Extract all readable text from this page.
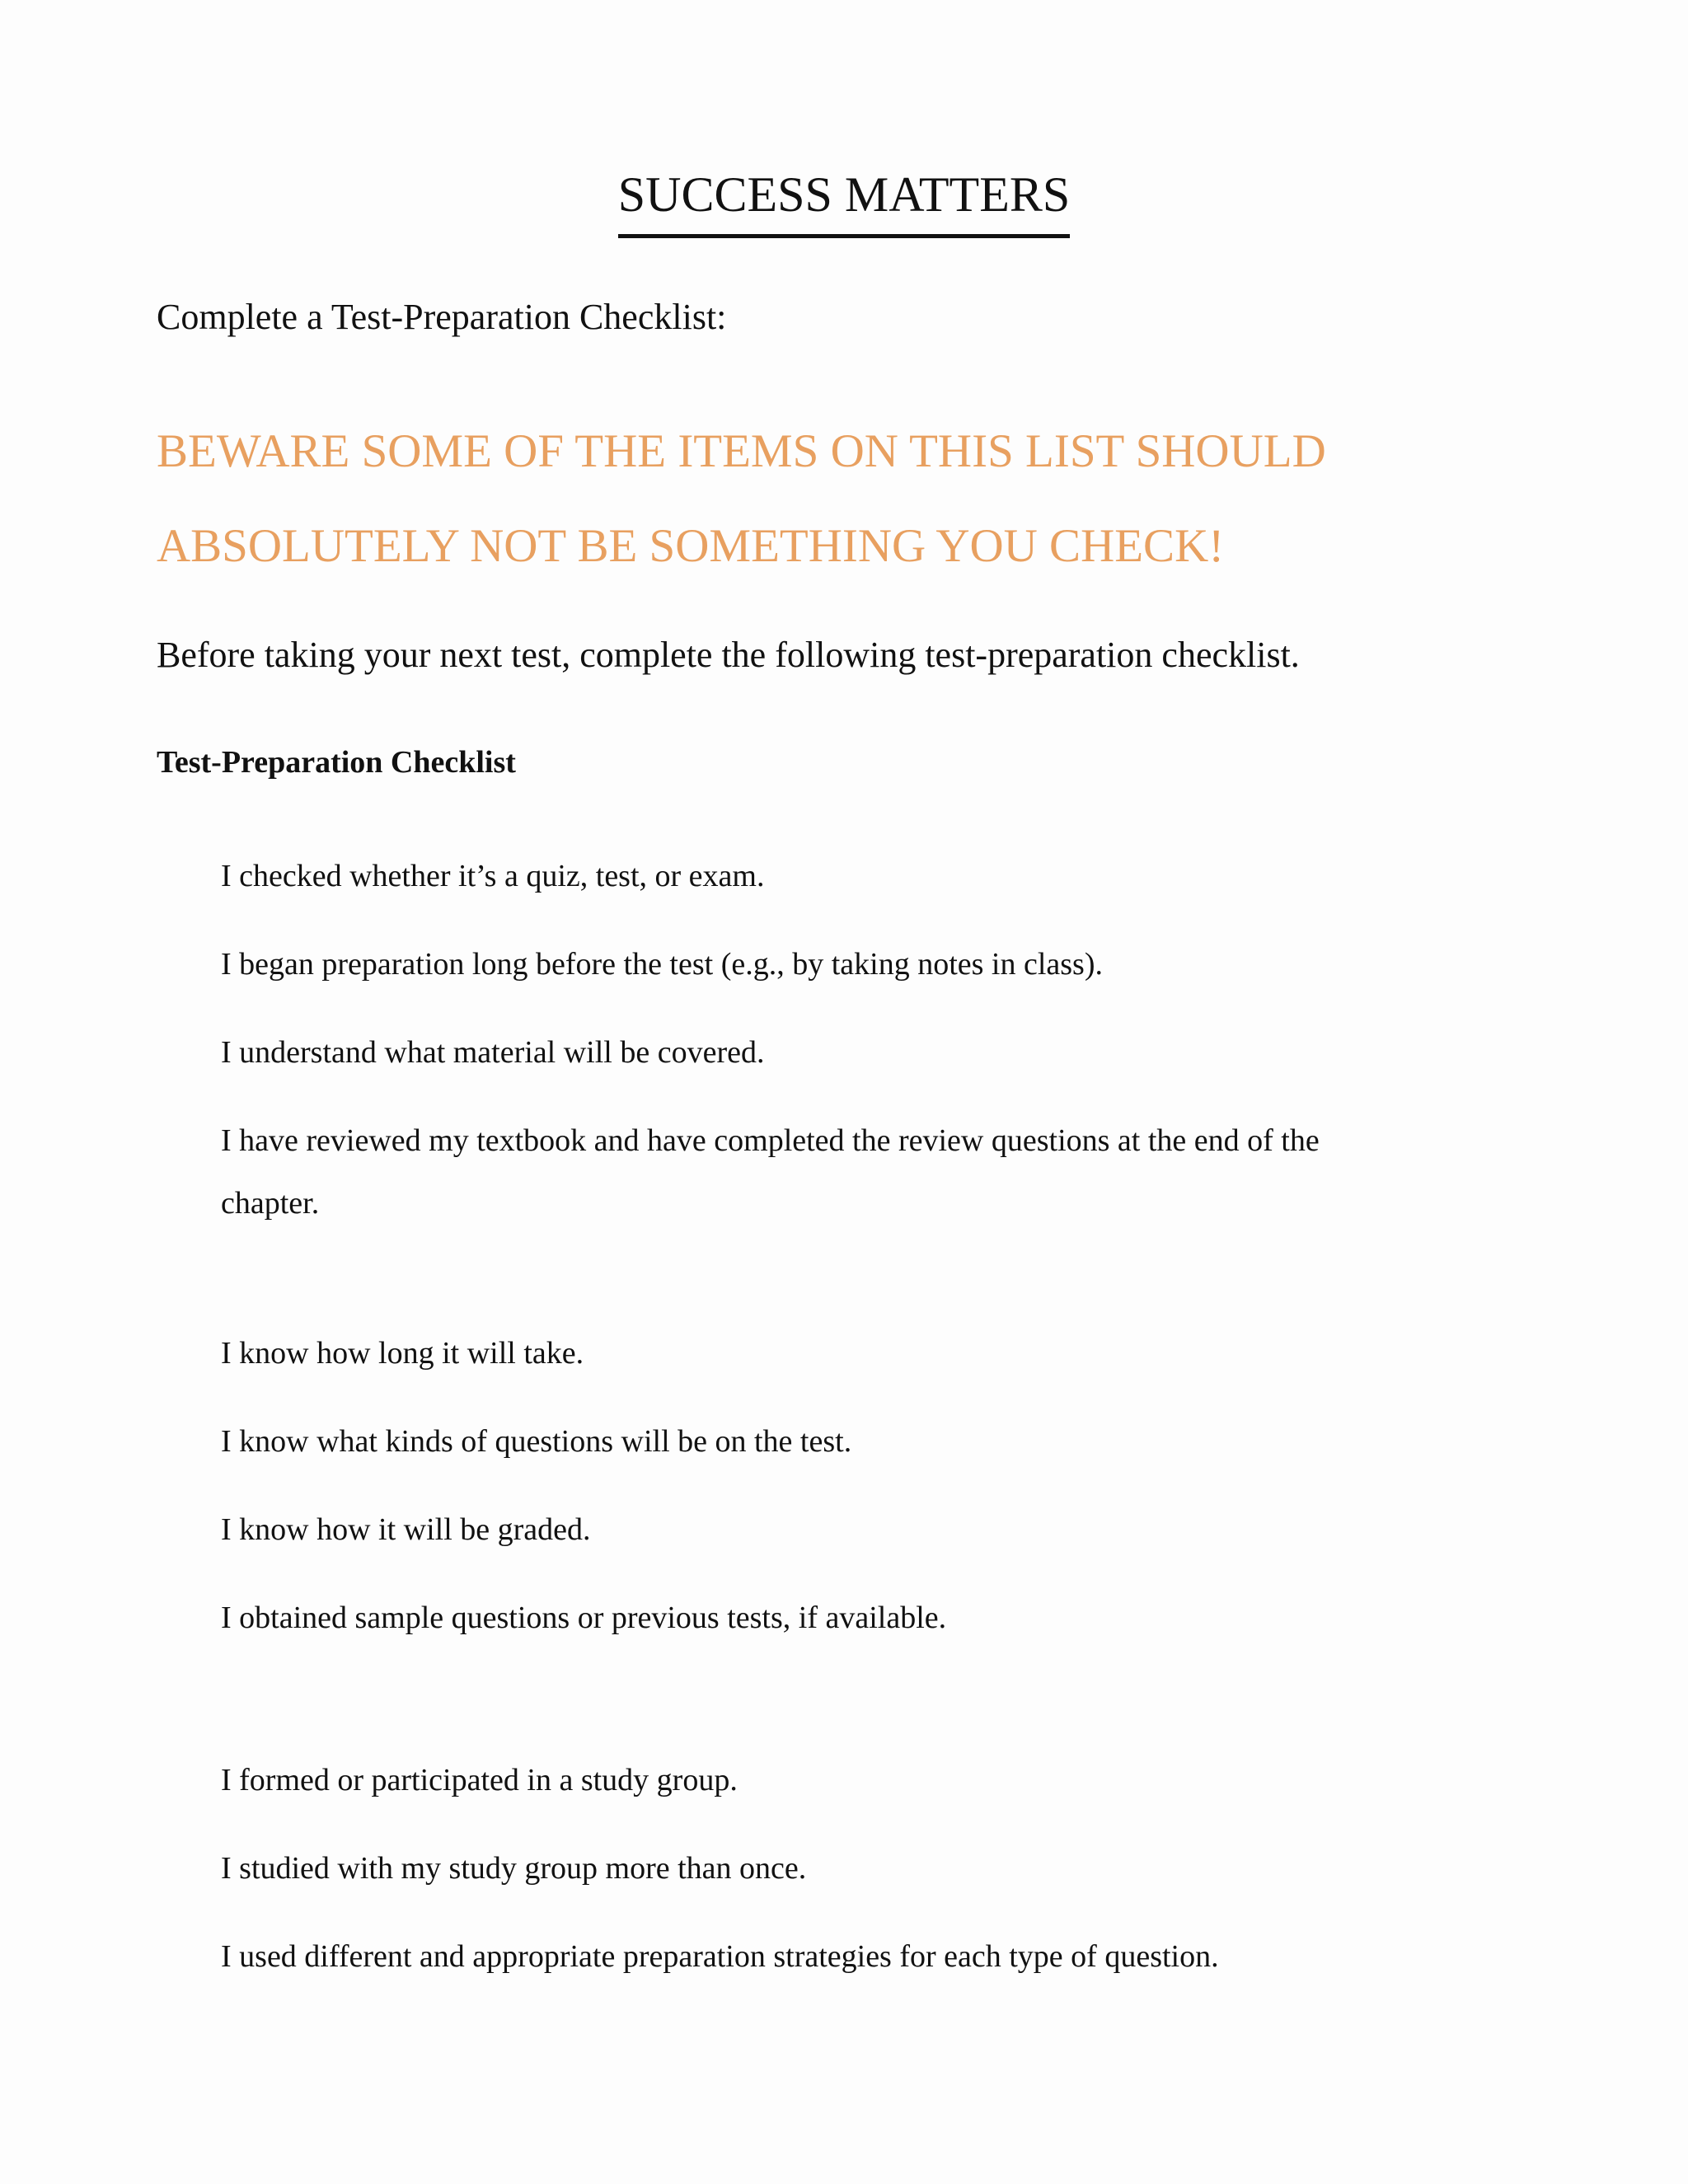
SUCCESS MATTERS
Complete a Test-Preparation Checklist:
BEWARE SOME OF THE ITEMS ON THIS LIST SHOULD
ABSOLUTELY NOT BE SOMETHING YOU CHECK!
Before taking your next test, complete the following test-preparation checklist.
Test-Preparation Checklist
I checked whether it’s a quiz, test, or exam.
I began preparation long before the test (e.g., by taking notes in class).
I understand what material will be covered.
I have reviewed my textbook and have completed the review questions at the end of the
chapter.
I know how long it will take.
I know what kinds of questions will be on the test.
I know how it will be graded.
I obtained sample questions or previous tests, if available.
I formed or participated in a study group.
I studied with my study group more than once.
I used different and appropriate preparation strategies for each type of question.
